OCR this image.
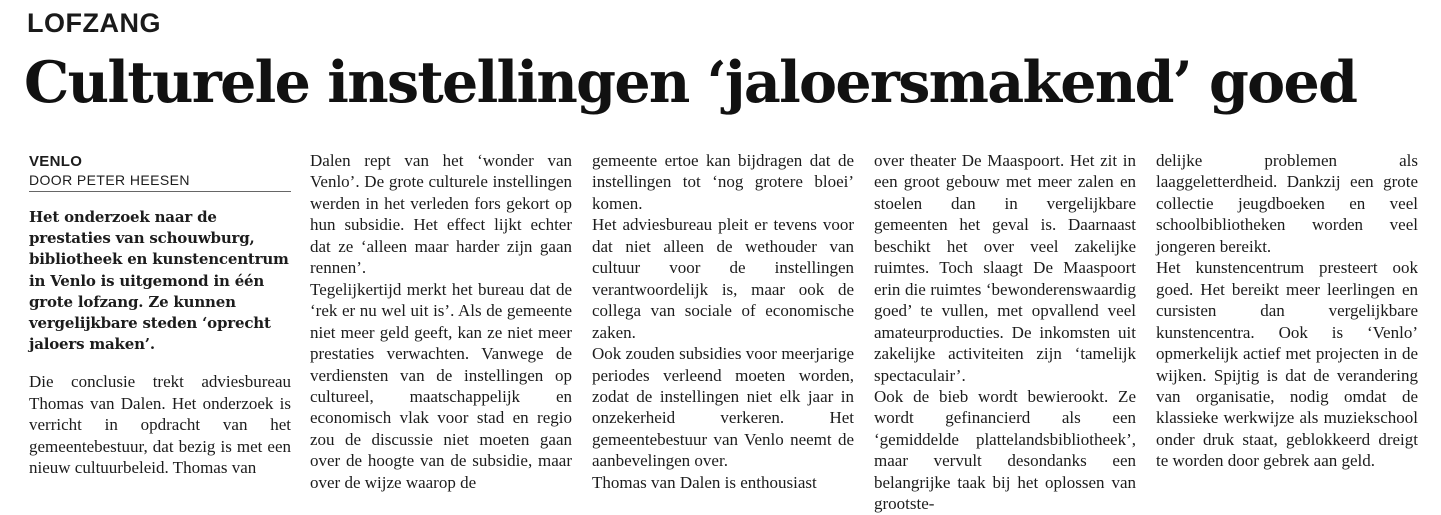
LOFZANG
Culturele instellingen ‘jaloersmakend’ goed
VENLO
DOOR PETER HEESEN

Het onderzoek naar de prestaties van schouwburg, bibliotheek en kunstencentrum in Venlo is uitgemond in één grote lofzang. Ze kunnen vergelijkbare steden ‘oprecht jaloers maken’.

Die conclusie trekt adviesbureau Thomas van Dalen. Het onderzoek is verricht in opdracht van het gemeentebestuur, dat bezig is met een nieuw cultuurbeleid. Thomas van

Dalen rept van het ‘wonder van Venlo’. De grote culturele instellingen werden in het verleden fors gekort op hun subsidie. Het effect lijkt echter dat ze ‘alleen maar harder zijn gaan rennen’.

Tegelijkertijd merkt het bureau dat de ‘rek er nu wel uit is’. Als de gemeente niet meer geld geeft, kan ze niet meer prestaties verwachten. Vanwege de verdiensten van de instellingen op cultureel, maatschappelijk en economisch vlak voor stad en regio zou de discussie niet moeten gaan over de hoogte van de subsidie, maar over de wijze waarop de

gemeente ertoe kan bijdragen dat de instellingen tot ‘nog grotere bloei’ komen.

Het adviesbureau pleit er tevens voor dat niet alleen de wethouder van cultuur voor de instellingen verantwoordelijk is, maar ook de collega van sociale of economische zaken.

Ook zouden subsidies voor meerjarige periodes verleend moeten worden, zodat de instellingen niet elk jaar in onzekerheid verkeren. Het gemeentebestuur van Venlo neemt de aanbevelingen over.

Thomas van Dalen is enthousiast

over theater De Maaspoort. Het zit in een groot gebouw met meer zalen en stoelen dan in vergelijkbare gemeenten het geval is. Daarnaast beschikt het over veel zakelijke ruimtes. Toch slaagt De Maaspoort erin die ruimtes ‘bewonderenswaardig goed’ te vullen, met opvallend veel amateurproducties. De inkomsten uit zakelijke activiteiten zijn ‘tamelijk spectaculair’.

Ook de bieb wordt bewierookt. Ze wordt gefinancierd als een ‘gemiddelde plattelandsbibliotheek’, maar vervult desondanks een belangrijke taak bij het oplossen van grootste-

delijke problemen als laaggeletterdheid. Dankzij een grote collectie jeugdboeken en veel schoolbibliotheken worden veel jongeren bereikt.

Het kunstencentrum presteert ook goed. Het bereikt meer leerlingen en cursisten dan vergelijkbare kunstencentra. Ook is ‘Venlo’ opmerkelijk actief met projecten in de wijken. Spijtig is dat de verandering van organisatie, nodig omdat de klassieke werkwijze als muziekschool onder druk staat, geblokkeerd dreigt te worden door gebrek aan geld.
